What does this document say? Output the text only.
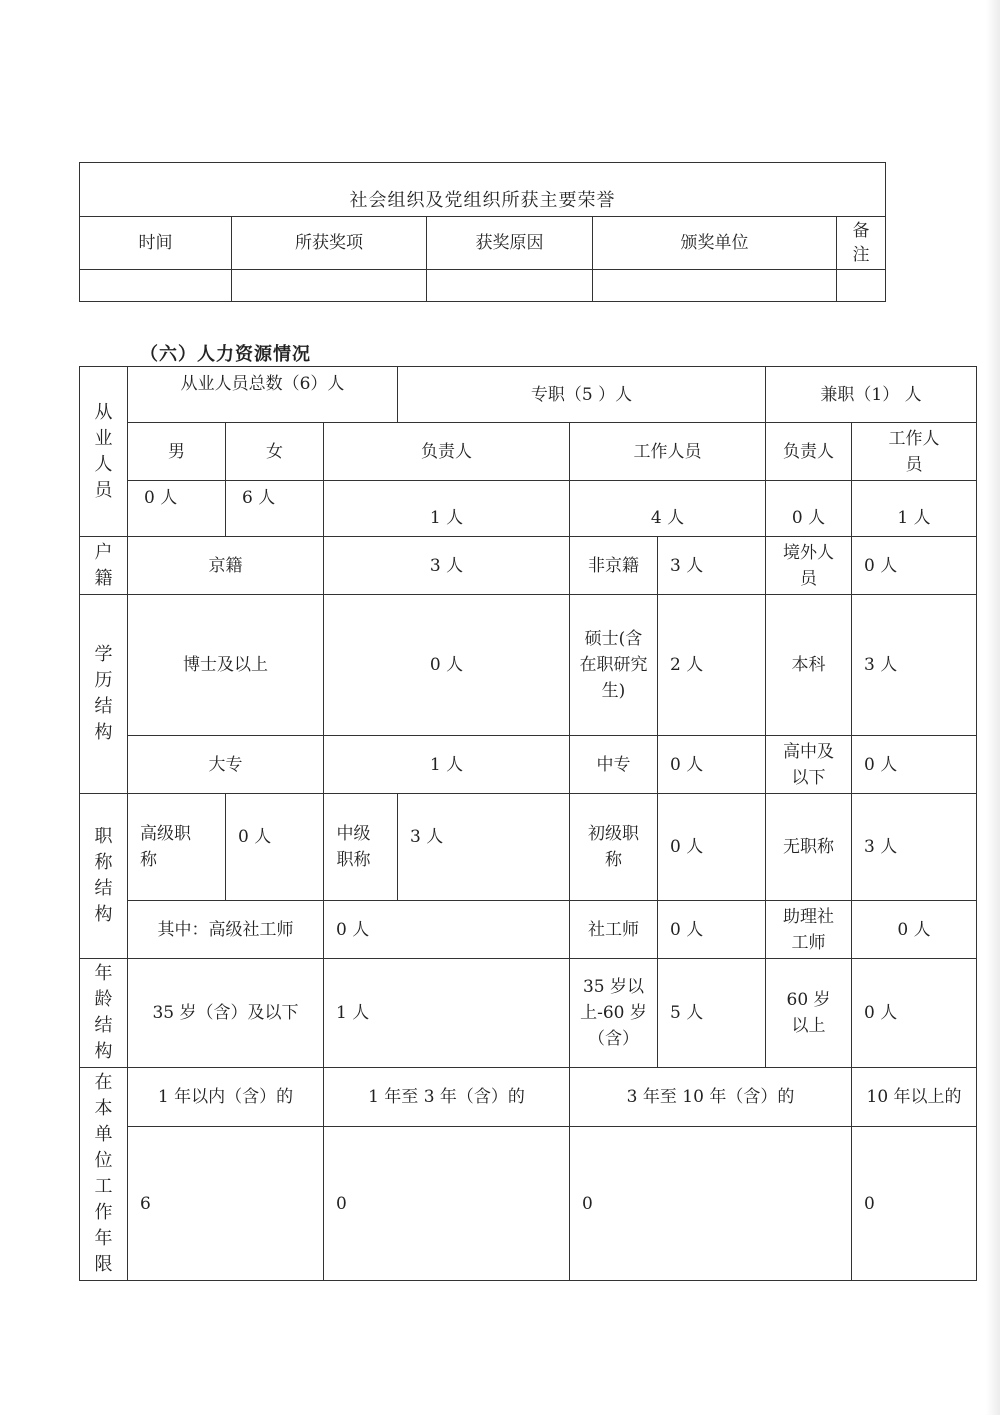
社会组织及党组织所获主要荣誉				
时间	所获奖项	获奖原因	颁奖单位	备注

（六）人力资源情况
从业人员	从业人员总数（6）人			专职（5 ）人			兼职（1） 人	
	男	女	负责人		工作人员		负责人	工作人员
	0 人	6 人	1 人		4 人		0 人	1 人
户籍	京籍		3 人		非京籍	3 人	境外人员	0 人
学历结构	博士及以上		0 人		硕士(含在职研究生)	2 人	本科	3 人
	大专		1 人		中专	0 人	高中及以下	0 人
职称结构	高级职称	0 人	中级职称	3 人	初级职称	0 人	无职称	3 人
	其中：高级社工师		0 人		社工师	0 人	助理社工师	0 人
年龄结构	35 岁（含）及以下		1 人		35 岁以上-60 岁（含）	5 人	60 岁以上	0 人
在本单位工作年限	1 年以内（含）的		1 年至 3 年（含）的		3 年至 10 年（含）的			10 年以上的
	6		0		0			0
